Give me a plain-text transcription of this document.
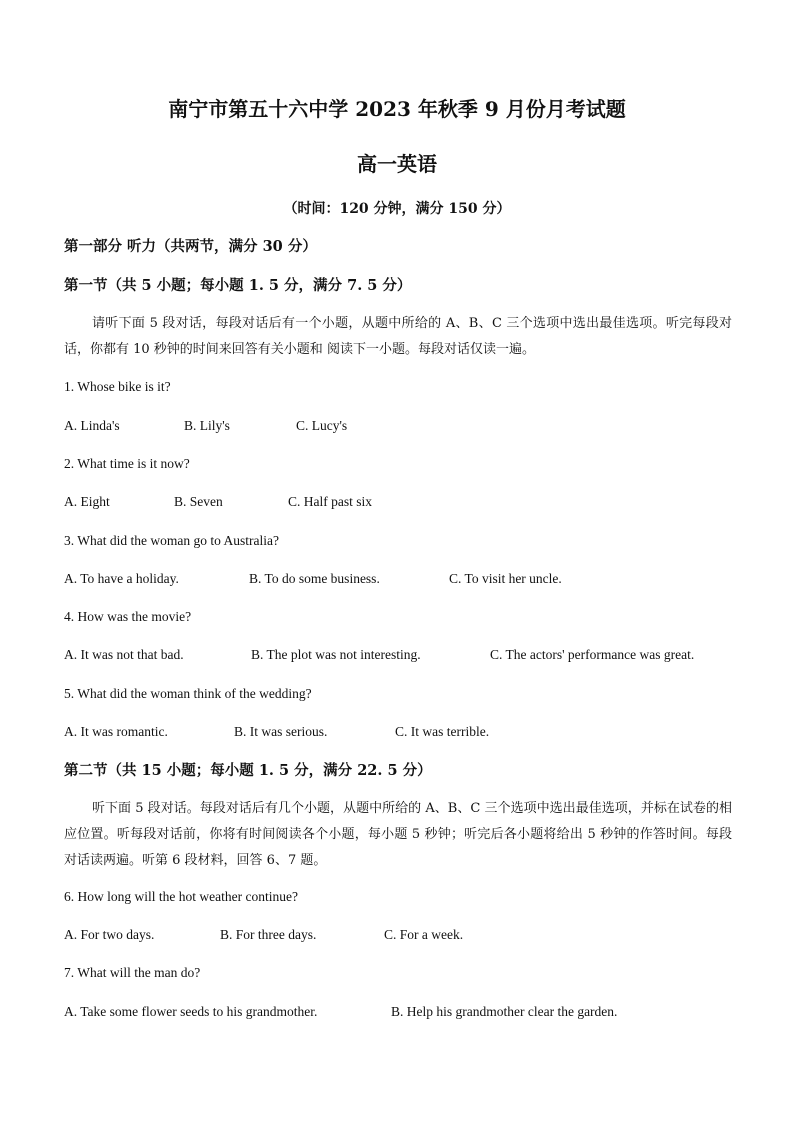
南宁市第五十六中学 2023 年秋季 9 月份月考试题
高一英语
（时间：120 分钟，满分 150 分）
第一部分 听力（共两节，满分 30 分）
第一节（共 5 小题；每小题 1. 5 分，满分 7. 5 分）
请听下面 5 段对话，每段对话后有一个小题，从题中所给的 A、B、C 三个选项中选出最佳选项。听完每段对话，你都有 10 秒钟的时间来回答有关小题和 阅读下一小题。每段对话仅读一遍。
1. Whose bike is it?
A. Linda's	B. Lily's	C. Lucy's
2. What time is it now?
A. Eight	B. Seven	C. Half past six
3. What did the woman go to Australia?
A. To have a holiday.	B. To do some business.	C. To visit her uncle.
4. How was the movie?
A. It was not that bad.	B. The plot was not interesting.	C. The actors' performance was great.
5. What did the woman think of the wedding?
A. It was romantic.	B. It was serious.	C. It was terrible.
第二节（共 15 小题；每小题 1. 5 分，满分 22. 5 分）
听下面 5 段对话。每段对话后有几个小题，从题中所给的 A、B、C 三个选项中选出最佳选项，并标在试卷的相应位置。听每段对话前，你将有时间阅读各个小题，每小题 5 秒钟；听完后各小题将给出 5 秒钟的作答时间。每段对话读两遍。听第 6 段材料，回答 6、7 题。
6. How long will the hot weather continue?
A. For two days.	B. For three days.	C. For a week.
7. What will the man do?
A. Take some flower seeds to his grandmother.	B. Help his grandmother clear the garden.
